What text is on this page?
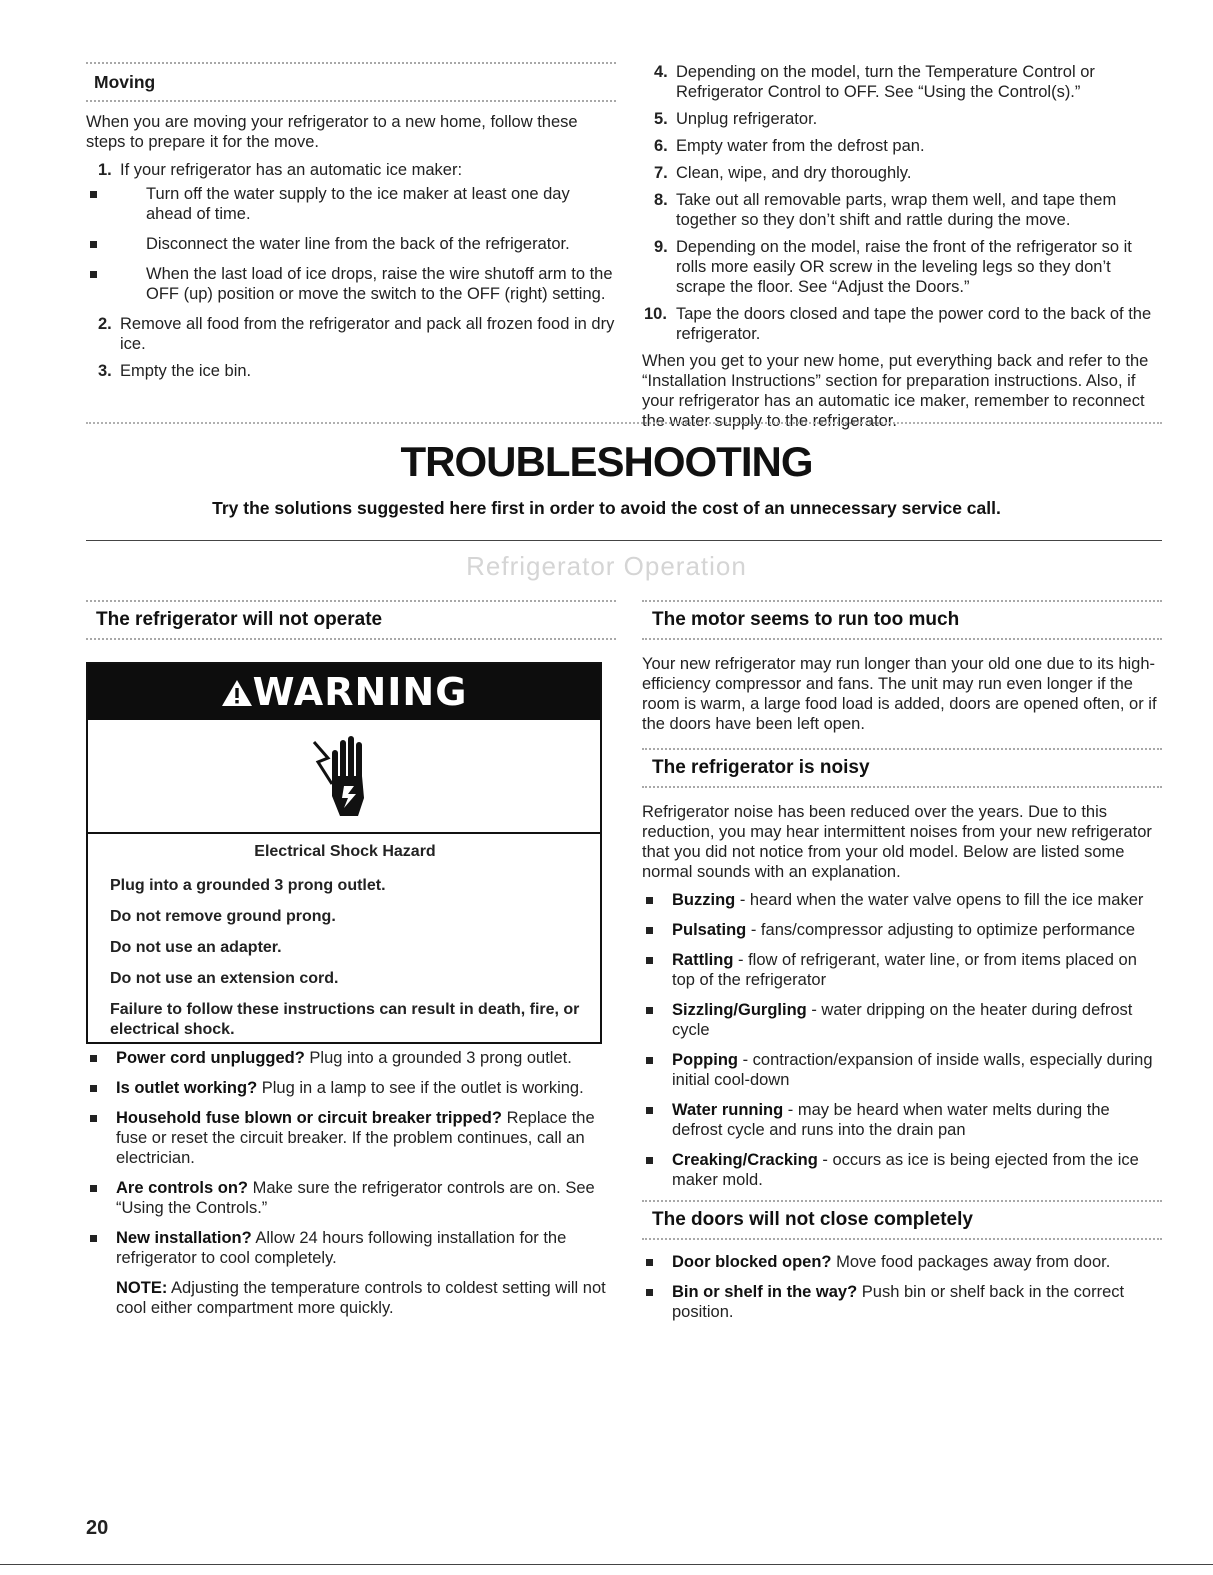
Moving

When you are moving your refrigerator to a new home, follow these steps to prepare it for the move.

1. If your refrigerator has an automatic ice maker:
Turn off the water supply to the ice maker at least one day ahead of time.
Disconnect the water line from the back of the refrigerator.
When the last load of ice drops, raise the wire shutoff arm to the OFF (up) position or move the switch to the OFF (right) setting.
2. Remove all food from the refrigerator and pack all frozen food in dry ice.
3. Empty the ice bin.
4. Depending on the model, turn the Temperature Control or Refrigerator Control to OFF. See “Using the Control(s).”
5. Unplug refrigerator.
6. Empty water from the defrost pan.
7. Clean, wipe, and dry thoroughly.
8. Take out all removable parts, wrap them well, and tape them together so they don’t shift and rattle during the move.
9. Depending on the model, raise the front of the refrigerator so it rolls more easily OR screw in the leveling legs so they don’t scrape the floor. See “Adjust the Doors.”
10. Tape the doors closed and tape the power cord to the back of the refrigerator.

When you get to your new home, put everything back and refer to the “Installation Instructions” section for preparation instructions. Also, if your refrigerator has an automatic ice maker, remember to reconnect the water supply to the refrigerator.

TROUBLESHOOTING
Try the solutions suggested here first in order to avoid the cost of an unnecessary service call.
Refrigerator Operation
The refrigerator will not operate
WARNING
Electrical Shock Hazard

Plug into a grounded 3 prong outlet.

Do not remove ground prong.

Do not use an adapter.

Do not use an extension cord.

Failure to follow these instructions can result in death, fire, or electrical shock.

Power cord unplugged? Plug into a grounded 3 prong outlet.
Is outlet working? Plug in a lamp to see if the outlet is working.
Household fuse blown or circuit breaker tripped? Replace the fuse or reset the circuit breaker. If the problem continues, call an electrician.
Are controls on? Make sure the refrigerator controls are on. See “Using the Controls.”
New installation? Allow 24 hours following installation for the refrigerator to cool completely.

NOTE: Adjusting the temperature controls to coldest setting will not cool either compartment more quickly.

The motor seems to run too much

Your new refrigerator may run longer than your old one due to its high-efficiency compressor and fans. The unit may run even longer if the room is warm, a large food load is added, doors are opened often, or if the doors have been left open.

The refrigerator is noisy

Refrigerator noise has been reduced over the years. Due to this reduction, you may hear intermittent noises from your new refrigerator that you did not notice from your old model. Below are listed some normal sounds with an explanation.

Buzzing - heard when the water valve opens to fill the ice maker
Pulsating - fans/compressor adjusting to optimize performance
Rattling - flow of refrigerant, water line, or from items placed on top of the refrigerator
Sizzling/Gurgling - water dripping on the heater during defrost cycle
Popping - contraction/expansion of inside walls, especially during initial cool-down
Water running - may be heard when water melts during the defrost cycle and runs into the drain pan
Creaking/Cracking - occurs as ice is being ejected from the ice maker mold.
The doors will not close completely
Door blocked open? Move food packages away from door.
Bin or shelf in the way? Push bin or shelf back in the correct position.
20
